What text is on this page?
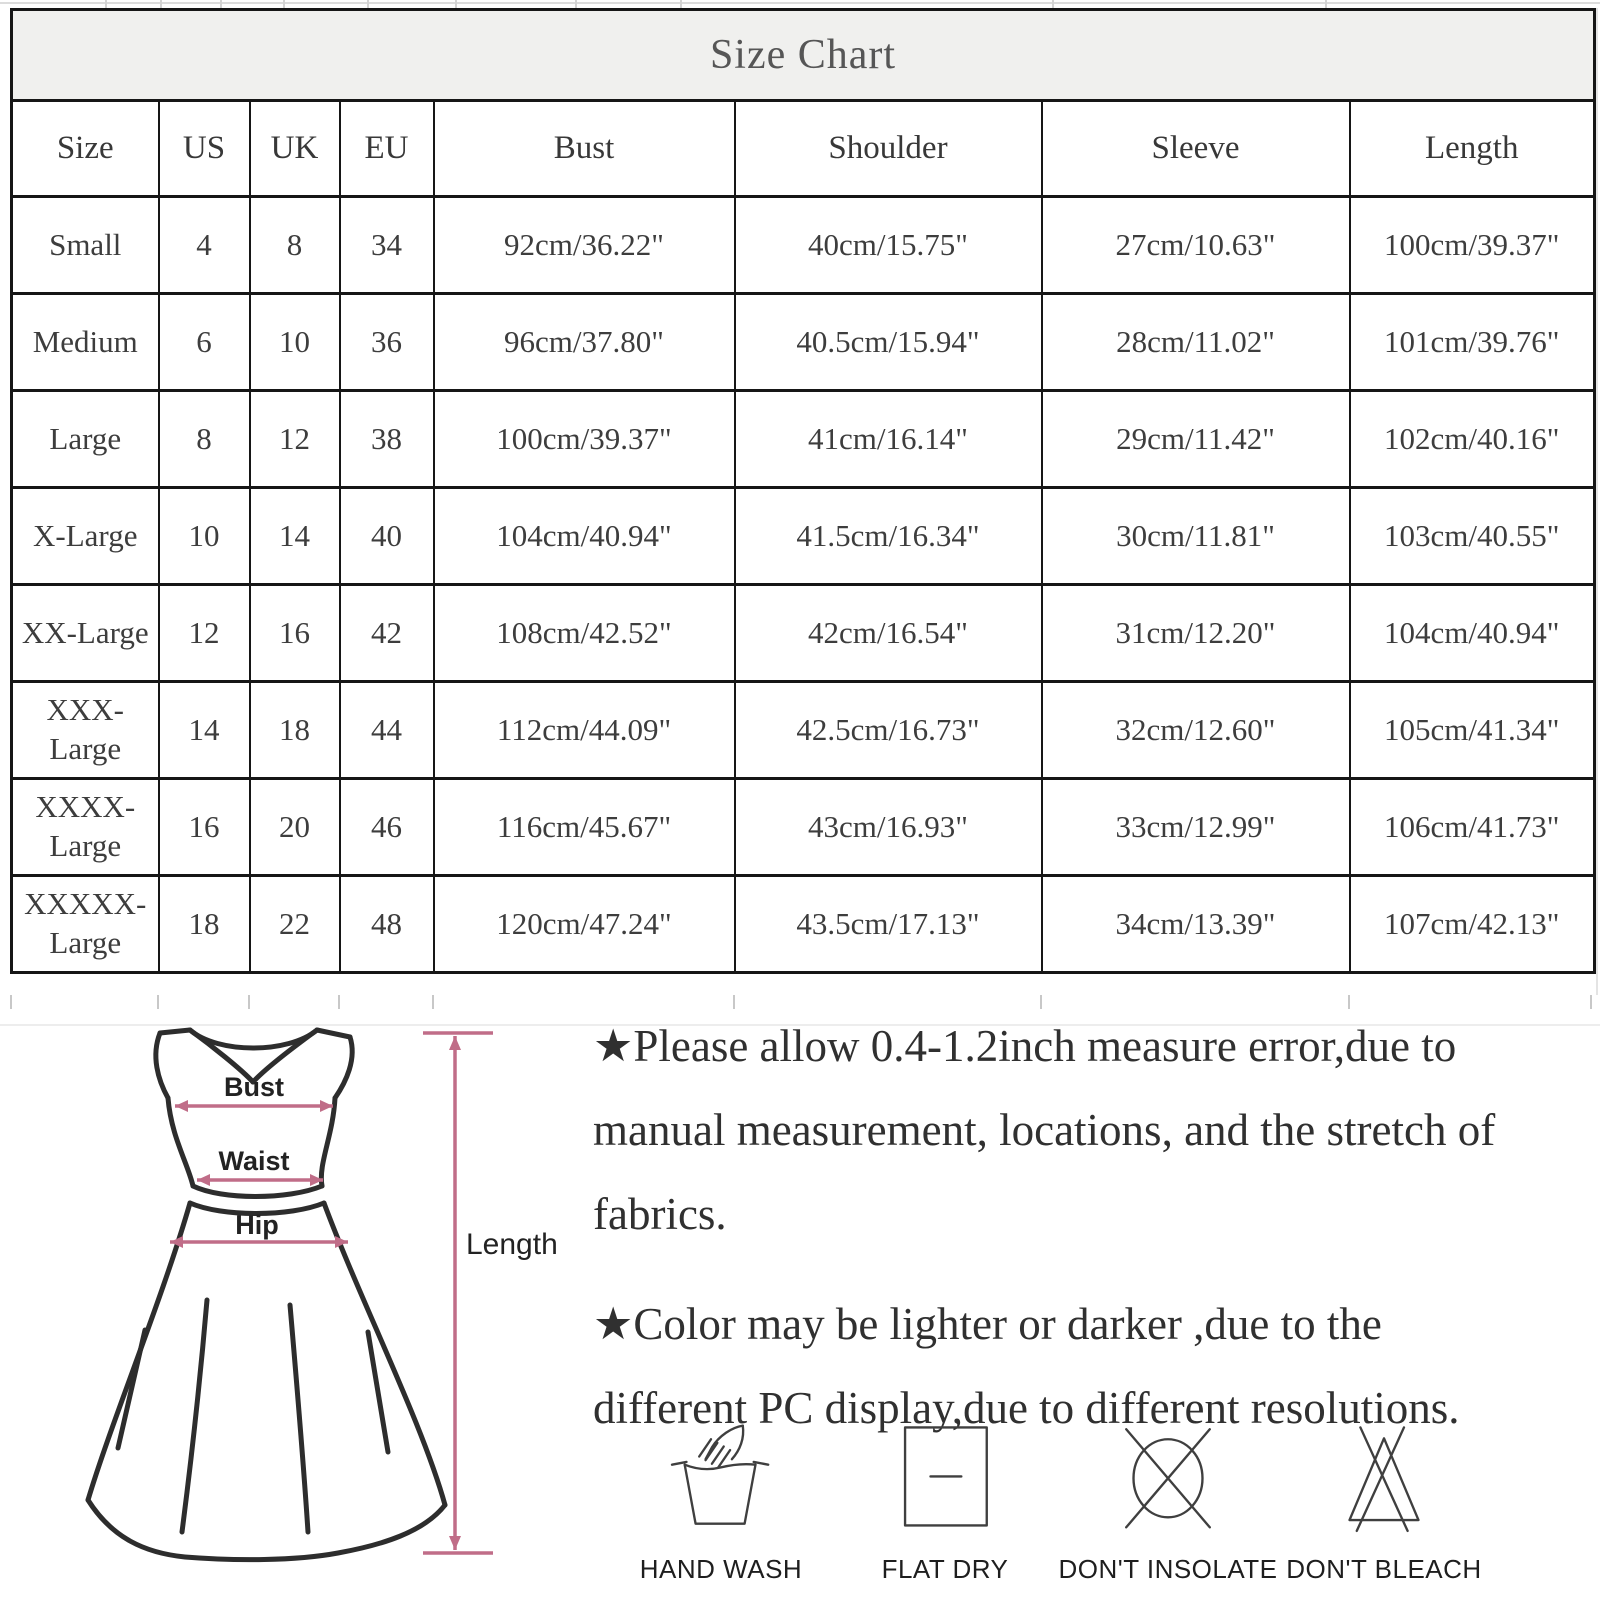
Size Chart							
Size	US	UK	EU	Bust	Shoulder	Sleeve	Length
Small	4	8	34	92cm/36.22"	40cm/15.75"	27cm/10.63"	100cm/39.37"
Medium	6	10	36	96cm/37.80"	40.5cm/15.94"	28cm/11.02"	101cm/39.76"
Large	8	12	38	100cm/39.37"	41cm/16.14"	29cm/11.42"	102cm/40.16"
X-Large	10	14	40	104cm/40.94"	41.5cm/16.34"	30cm/11.81"	103cm/40.55"
XX-Large	12	16	42	108cm/42.52"	42cm/16.54"	31cm/12.20"	104cm/40.94"
XXX-Large	14	18	44	112cm/44.09"	42.5cm/16.73"	32cm/12.60"	105cm/41.34"
XXXX-Large	16	20	46	116cm/45.67"	43cm/16.93"	33cm/12.99"	106cm/41.73"
XXXXX-Large	18	22	48	120cm/47.24"	43.5cm/17.13"	34cm/13.39"	107cm/42.13"
Bust
Waist
Hip
Length

★Please allow 0.4-1.2inch measure error,due to manual measurement, locations, and the stretch of fabrics.

★Color may be lighter or darker ,due to the different PC display,due to different resolutions.

HAND WASH	FLAT DRY	DON'T INSOLATE DON'T BLEACH
